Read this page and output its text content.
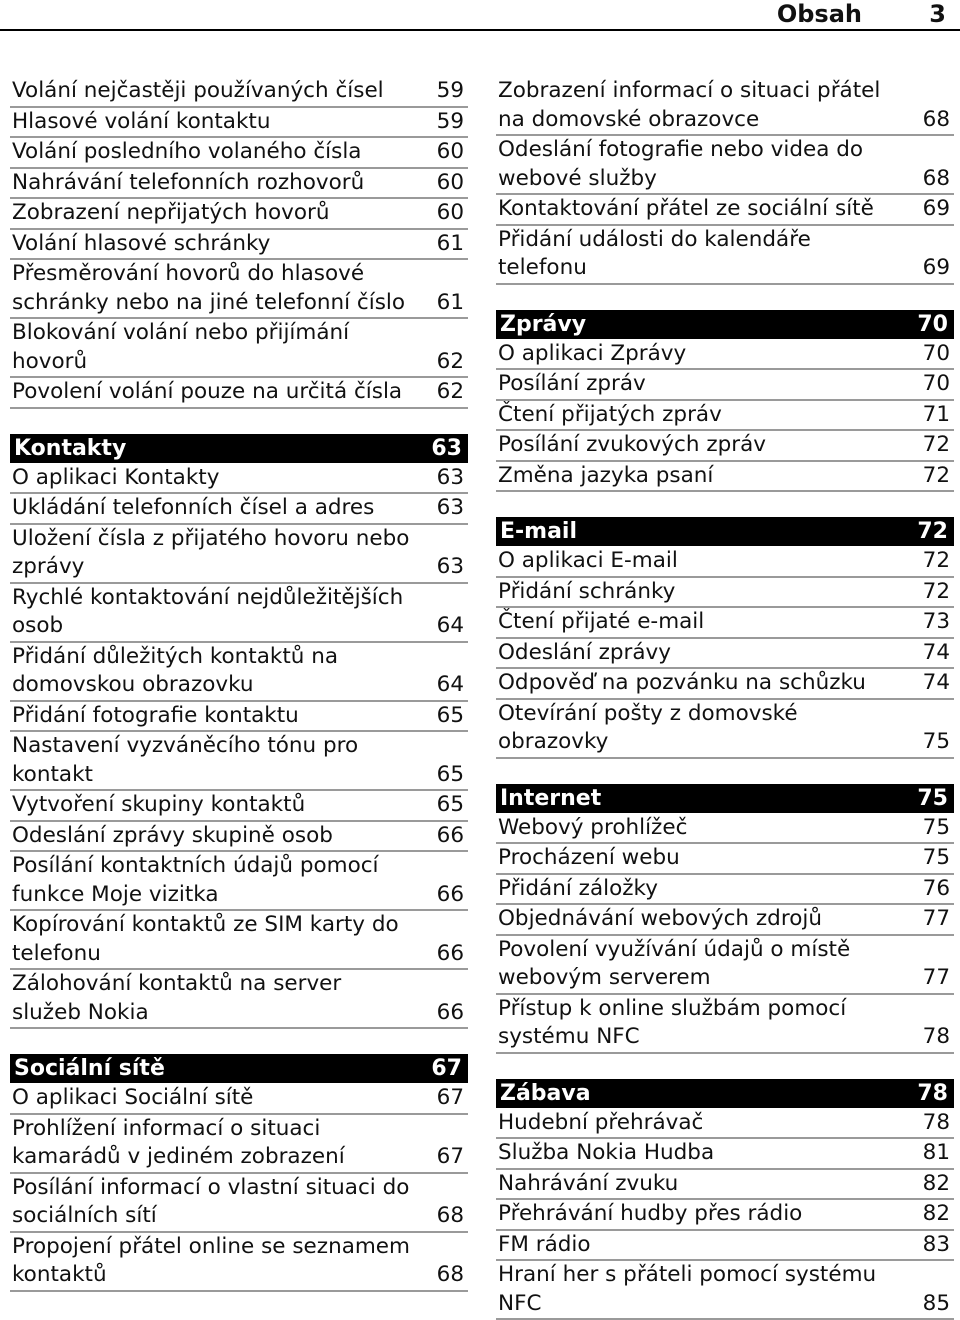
Obsah	3
Volání nejčastěji používaných čísel	59
Hlasové volání kontaktu	59
Volání posledního volaného čísla	60
Nahrávání telefonních rozhovorů	60
Zobrazení nepřijatých hovorů	60
Volání hlasové schránky	61
Přesměrování hovorů do hlasové schránky nebo na jiné telefonní číslo	61
Blokování volání nebo přijímání hovorů	62
Povolení volání pouze na určitá čísla	62
Kontakty	63
O aplikaci Kontakty	63
Ukládání telefonních čísel a adres	63
Uložení čísla z přijatého hovoru nebo zprávy	63
Rychlé kontaktování nejdůležitějších osob	64
Přidání důležitých kontaktů na domovskou obrazovku	64
Přidání fotografie kontaktu	65
Nastavení vyzváněcího tónu pro kontakt	65
Vytvoření skupiny kontaktů	65
Odeslání zprávy skupině osob	66
Posílání kontaktních údajů pomocí funkce Moje vizitka	66
Kopírování kontaktů ze SIM karty do telefonu	66
Zálohování kontaktů na server služeb Nokia	66
Sociální sítě	67
O aplikaci Sociální sítě	67
Prohlížení informací o situaci kamarádů v jediném zobrazení	67
Posílání informací o vlastní situaci do sociálních sítí	68
Propojení přátel online se seznamem kontaktů	68
Zobrazení informací o situaci přátel na domovské obrazovce	68
Odeslání fotografie nebo videa do webové služby	68
Kontaktování přátel ze sociální sítě	69
Přidání události do kalendáře telefonu	69
Zprávy	70
O aplikaci Zprávy	70
Posílání zpráv	70
Čtení přijatých zpráv	71
Posílání zvukových zpráv	72
Změna jazyka psaní	72
E-mail	72
O aplikaci E-mail	72
Přidání schránky	72
Čtení přijaté e-mail	73
Odeslání zprávy	74
Odpověď na pozvánku na schůzku	74
Otevírání pošty z domovské obrazovky	75
Internet	75
Webový prohlížeč	75
Procházení webu	75
Přidání záložky	76
Objednávání webových zdrojů	77
Povolení využívání údajů o místě webovým serverem	77
Přístup k online službám pomocí systému NFC	78
Zábava	78
Hudební přehrávač	78
Služba Nokia Hudba	81
Nahrávání zvuku	82
Přehrávání hudby přes rádio	82
FM rádio	83
Hraní her s přáteli pomocí systému NFC	85
